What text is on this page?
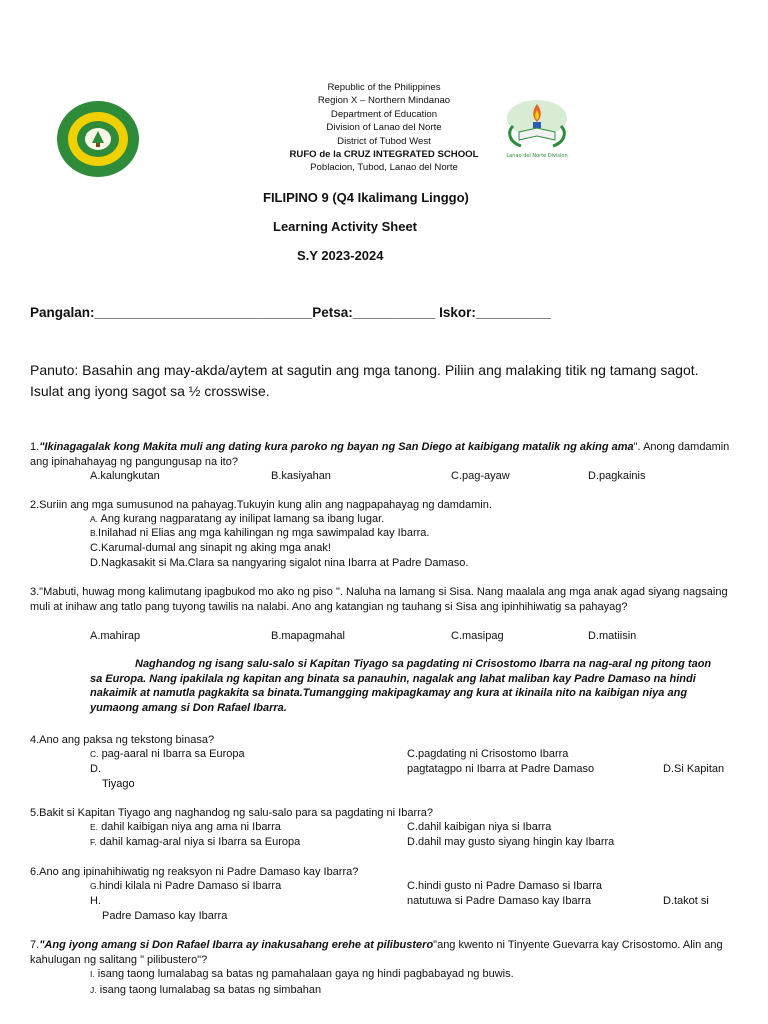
Lanao del Norte Division
Republic of the Philippines
Region X – Northern Mindanao
Department of Education
Division of Lanao del Norte
District of Tubod West
RUFO de la CRUZ INTEGRATED SCHOOL
Poblacion, Tubod, Lanao del Norte
FILIPINO 9 (Q4 Ikalimang Linggo)
Learning Activity Sheet
S.Y 2023-2024
Pangalan:_____________________________Petsa:___________ Iskor:__________
Panuto: Basahin ang may-akda/aytem at sagutin ang mga tanong. Piliin ang malaking titik ng tamang sagot. Isulat ang iyong sagot sa ½ crosswise.
1."Ikinagagalak kong Makita muli ang dating kura paroko ng bayan ng San Diego at kaibigang matalik ng aking ama". Anong damdamin ang ipinahahayag ng pangungusap na ito?
A.kalungkutan	B.kasiyahan	C.pag-ayaw	D.pagkainis
2.Suriin ang mga sumusunod na pahayag.Tukuyin kung alin ang nagpapahayag ng damdamin.
A. Ang kurang nagparatang ay inilipat lamang sa ibang lugar.
B.Inilahad ni Elias ang mga kahilingan ng mga sawimpalad kay Ibarra.
C.Karumal-dumal ang sinapit ng aking mga anak!
D.Nagkasakit si Ma.Clara sa nangyaring sigalot nina Ibarra at Padre Damaso.
3."Mabuti, huwag mong kalimutang ipagbukod mo ako ng piso ". Naluha na lamang si Sisa. Nang maalala ang mga anak agad siyang nagsaing muli at inihaw ang tatlo pang tuyong tawilis na nalabi. Ano ang katangian ng tauhang si Sisa ang ipinhihiwatig sa pahayag?
A.mahirap	B.mapagmahal	C.masipag	D.matiisin
Naghandog ng isang salu-salo si Kapitan Tiyago sa pagdating ni Crisostomo Ibarra na nag-aral ng pitong taon sa Europa. Nang ipakilala ng kapitan ang binata sa panauhin, nagalak ang lahat maliban kay Padre Damaso na hindi nakaimik at namutla pagkakita sa binata.Tumangging makipagkamay ang kura at ikinaila nito na kaibigan niya ang yumaong amang si Don Rafael Ibarra.
4.Ano ang paksa ng tekstong binasa?
C. pag-aaral ni Ibarra sa Europa	C.pagdating ni Crisostomo Ibarra
D.	pagtatagpo ni Ibarra at Padre Damaso	D.Si Kapitan
Tiyago
5.Bakit si Kapitan Tiyago ang naghandog ng salu-salo para sa pagdating ni Ibarra?
E. dahil kaibigan niya ang ama ni Ibarra	C.dahil kaibigan niya si Ibarra
F. dahil kamag-aral niya si Ibarra sa Europa	D.dahil may gusto siyang hingin kay Ibarra
6.Ano ang ipinahihiwatig ng reaksyon ni Padre Damaso kay Ibarra?
G.hindi kilala ni Padre Damaso si Ibarra	C.hindi gusto ni Padre Damaso si Ibarra
H.	natutuwa si Padre Damaso kay Ibarra	D.takot si
Padre Damaso kay Ibarra
7."Ang iyong amang si Don Rafael Ibarra ay inakusahang erehe at pilibustero"ang kwento ni Tinyente Guevarra kay Crisostomo. Alin ang kahulugan ng salitang " pilibustero"?
I. isang taong lumalabag sa batas ng pamahalaan gaya ng hindi pagbabayad ng buwis.
J. isang taong lumalabag sa batas ng simbahan
